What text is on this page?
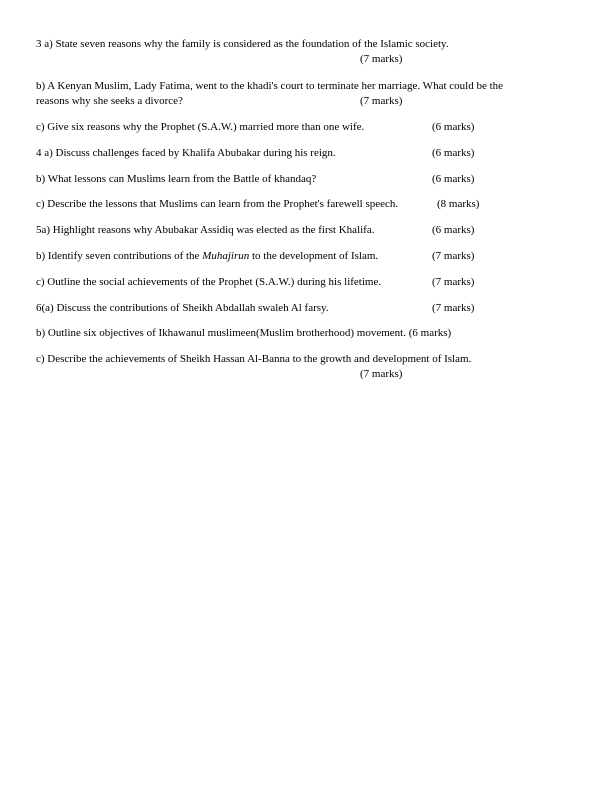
3 a) State seven reasons why the family is considered as the foundation of the Islamic society.
(7 marks)
b) A Kenyan Muslim, Lady Fatima, went to the khadi's court to terminate her marriage. What could be the
reasons why she seeks a divorce?	(7 marks)
c) Give six reasons why the Prophet (S.A.W.) married more than one wife.	(6 marks)
4 a) Discuss challenges faced by Khalifa Abubakar during his reign.	(6 marks)
b) What lessons can Muslims learn from the Battle of khandaq?	(6 marks)
c) Describe the lessons that Muslims can learn from the Prophet's farewell speech.	(8 marks)
5a) Highlight reasons why Abubakar Assidiq was elected as the first Khalifa.	(6 marks)
b) Identify seven contributions of the Muhajirun to the development of Islam.	(7 marks)
c) Outline the social achievements of the Prophet (S.A.W.) during his lifetime.	(7 marks)
6(a) Discuss the contributions of Sheikh Abdallah swaleh Al farsy.	(7 marks)
b) Outline six objectives of Ikhawanul muslimeen(Muslim brotherhood) movement. (6 marks)
c) Describe the achievements of Sheikh Hassan Al-Banna to the growth and development of Islam.
(7 marks)
